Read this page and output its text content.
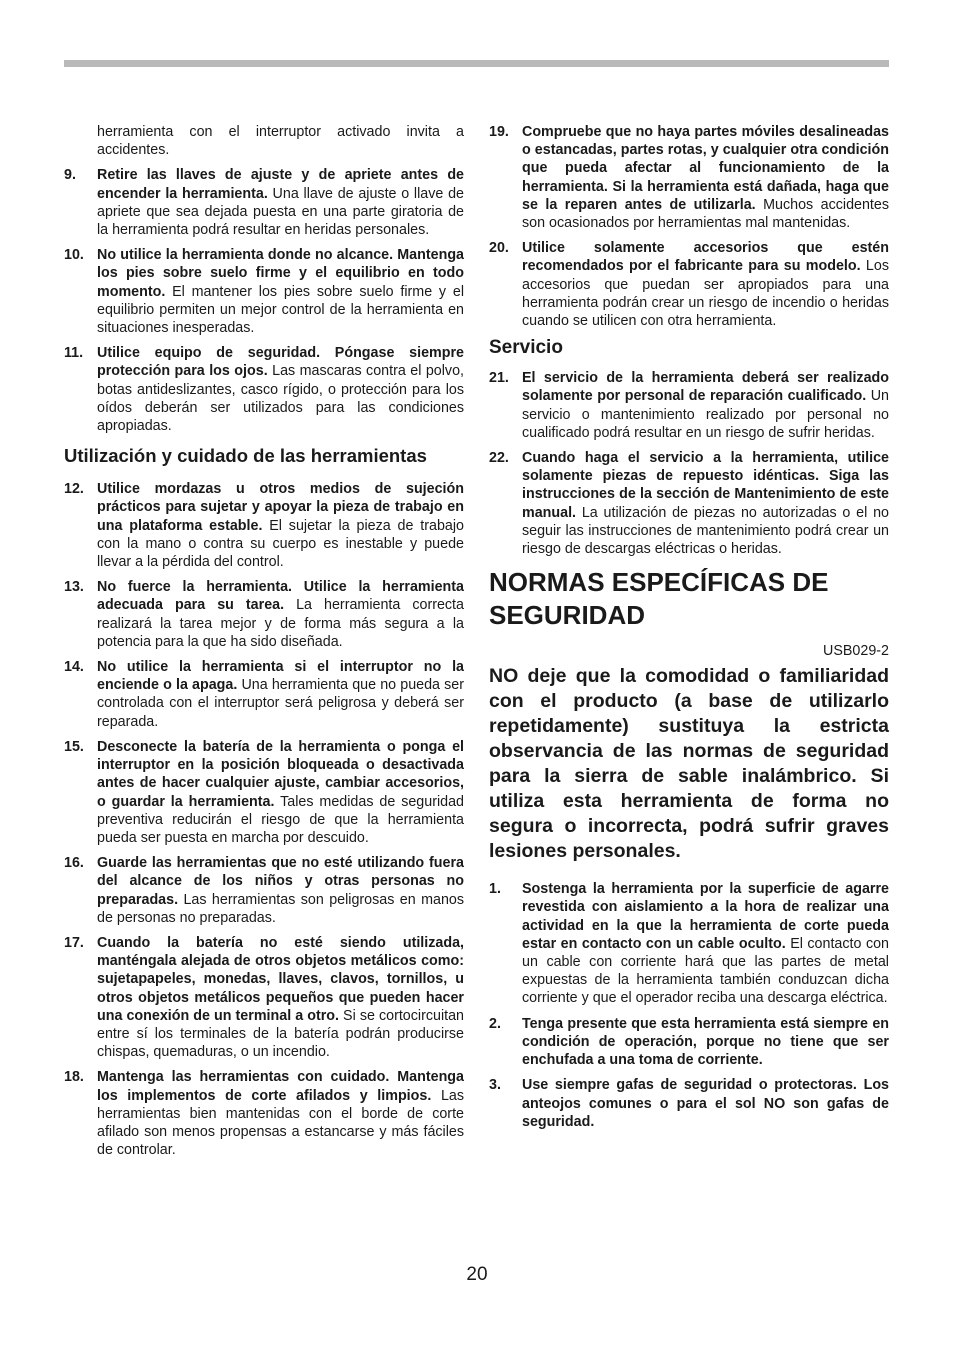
herramienta con el interruptor activado invita a accidentes.

9. Retire las llaves de ajuste y de apriete antes de encender la herramienta. Una llave de ajuste o llave de apriete que sea dejada puesta en una parte giratoria de la herramienta podrá resultar en heridas personales.

10. No utilice la herramienta donde no alcance. Mantenga los pies sobre suelo firme y el equilibrio en todo momento. El mantener los pies sobre suelo firme y el equilibrio permiten un mejor control de la herramienta en situaciones inesperadas.

11. Utilice equipo de seguridad. Póngase siempre protección para los ojos. Las mascaras contra el polvo, botas antideslizantes, casco rígido, o protección para los oídos deberán ser utilizados para las condiciones apropiadas.

Utilización y cuidado de las herramientas

12. Utilice mordazas u otros medios de sujeción prácticos para sujetar y apoyar la pieza de trabajo en una plataforma estable. El sujetar la pieza de trabajo con la mano o contra su cuerpo es inestable y puede llevar a la pérdida del control.

13. No fuerce la herramienta. Utilice la herramienta adecuada para su tarea. La herramienta correcta realizará la tarea mejor y de forma más segura a la potencia para la que ha sido diseñada.

14. No utilice la herramienta si el interruptor no la enciende o la apaga. Una herramienta que no pueda ser controlada con el interruptor será peligrosa y deberá ser reparada.

15. Desconecte la batería de la herramienta o ponga el interruptor en la posición bloqueada o desactivada antes de hacer cualquier ajuste, cambiar accesorios, o guardar la herramienta. Tales medidas de seguridad preventiva reducirán el riesgo de que la herramienta pueda ser puesta en marcha por descuido.

16. Guarde las herramientas que no esté utilizando fuera del alcance de los niños y otras personas no preparadas. Las herramientas son peligrosas en manos de personas no preparadas.

17. Cuando la batería no esté siendo utilizada, manténgala alejada de otros objetos metálicos como: sujetapapeles, monedas, llaves, clavos, tornillos, u otros objetos metálicos pequeños que pueden hacer una conexión de un terminal a otro. Si se cortocircuitan entre sí los terminales de la batería podrán producirse chispas, quemaduras, o un incendio.

18. Mantenga las herramientas con cuidado. Mantenga los implementos de corte afilados y limpios. Las herramientas bien mantenidas con el borde de corte afilado son menos propensas a estancarse y más fáciles de controlar.

19. Compruebe que no haya partes móviles desalineadas o estancadas, partes rotas, y cualquier otra condición que pueda afectar al funcionamiento de la herramienta. Si la herramienta está dañada, haga que se la reparen antes de utilizarla. Muchos accidentes son ocasionados por herramientas mal mantenidas.

20. Utilice solamente accesorios que estén recomendados por el fabricante para su modelo. Los accesorios que puedan ser apropiados para una herramienta podrán crear un riesgo de incendio o heridas cuando se utilicen con otra herramienta.

Servicio

21. El servicio de la herramienta deberá ser realizado solamente por personal de reparación cualificado. Un servicio o mantenimiento realizado por personal no cualificado podrá resultar en un riesgo de sufrir heridas.

22. Cuando haga el servicio a la herramienta, utilice solamente piezas de repuesto idénticas. Siga las instrucciones de la sección de Mantenimiento de este manual. La utilización de piezas no autorizadas o el no seguir las instrucciones de mantenimiento podrá crear un riesgo de descargas eléctricas o heridas.

NORMAS ESPECÍFICAS DE
SEGURIDAD
USB029-2
NO deje que la comodidad o familiaridad con el producto (a base de utilizarlo repetidamente) sustituya la estricta observancia de las normas de seguridad para la sierra de sable inalámbrico. Si utiliza esta herramienta de forma no segura o incorrecta, podrá sufrir graves lesiones personales.

1. Sostenga la herramienta por la superficie de agarre revestida con aislamiento a la hora de realizar una actividad en la que la herramienta de corte pueda estar en contacto con un cable oculto. El contacto con un cable con corriente hará que las partes de metal expuestas de la herramienta también conduzcan dicha corriente y que el operador reciba una descarga eléctrica.

2. Tenga presente que esta herramienta está siempre en condición de operación, porque no tiene que ser enchufada a una toma de corriente.

3. Use siempre gafas de seguridad o protectoras. Los anteojos comunes o para el sol NO son gafas de seguridad.

20
